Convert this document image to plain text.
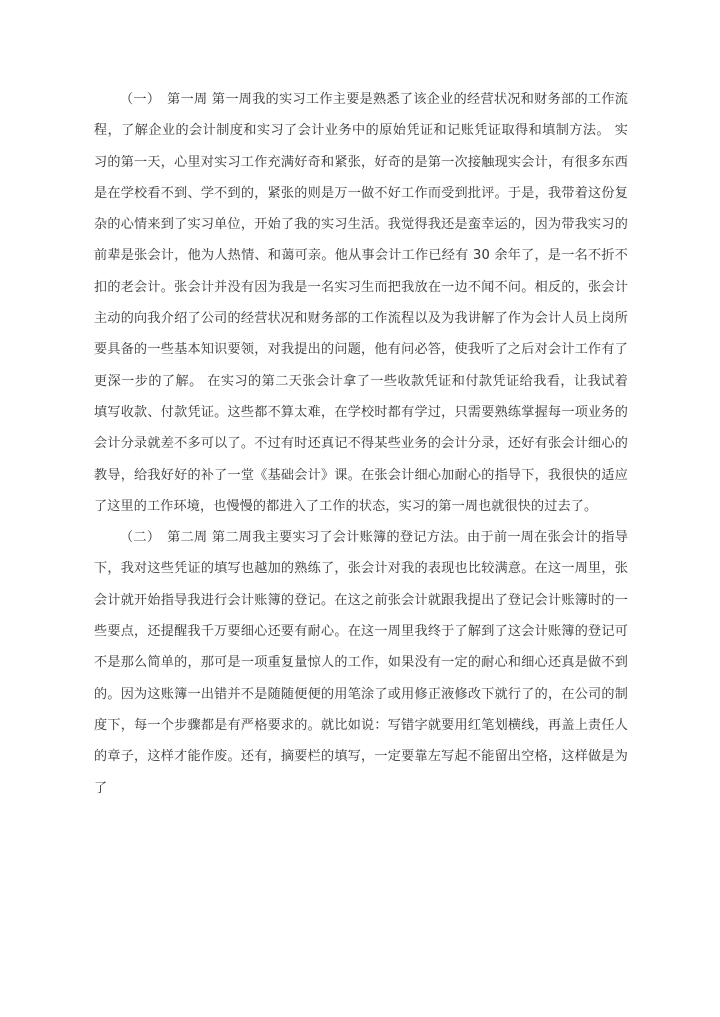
（一）　第一周 第一周我的实习工作主要是熟悉了该企业的经营状况和财务部的工作流程，了解企业的会计制度和实习了会计业务中的原始凭证和记账凭证取得和填制方法。 实习的第一天，心里对实习工作充满好奇和紧张，好奇的是第一次接触现实会计，有很多东西是在学校看不到、学不到的，紧张的则是万一做不好工作而受到批评。于是，我带着这份复杂的心情来到了实习单位，开始了我的实习生活。我觉得我还是蛮幸运的，因为带我实习的前辈是张会计，他为人热情、和蔼可亲。他从事会计工作已经有 30 余年了，是一名不折不扣的老会计。张会计并没有因为我是一名实习生而把我放在一边不闻不问。相反的，张会计主动的向我介绍了公司的经营状况和财务部的工作流程以及为我讲解了作为会计人员上岗所要具备的一些基本知识要领，对我提出的问题，他有问必答，使我听了之后对会计工作有了更深一步的了解。 在实习的第二天张会计拿了一些收款凭证和付款凭证给我看，让我试着填写收款、付款凭证。这些都不算太难，在学校时都有学过，只需要熟练掌握每一项业务的会计分录就差不多可以了。不过有时还真记不得某些业务的会计分录，还好有张会计细心的教导，给我好好的补了一堂《基础会计》课。在张会计细心加耐心的指导下，我很快的适应了这里的工作环境，也慢慢的都进入了工作的状态，实习的第一周也就很快的过去了。

（二）　第二周 第二周我主要实习了会计账簿的登记方法。由于前一周在张会计的指导下，我对这些凭证的填写也越加的熟练了，张会计对我的表现也比较满意。在这一周里，张会计就开始指导我进行会计账簿的登记。在这之前张会计就跟我提出了登记会计账簿时的一些要点，还提醒我千万要细心还要有耐心。在这一周里我终于了解到了这会计账簿的登记可不是那么简单的，那可是一项重复量惊人的工作，如果没有一定的耐心和细心还真是做不到的。因为这账簿一出错并不是随随便便的用笔涂了或用修正液修改下就行了的，在公司的制度下，每一个步骤都是有严格要求的。就比如说：写错字就要用红笔划横线，再盖上责任人的章子，这样才能作废。还有，摘要栏的填写，一定要靠左写起不能留出空格，这样做是为了
